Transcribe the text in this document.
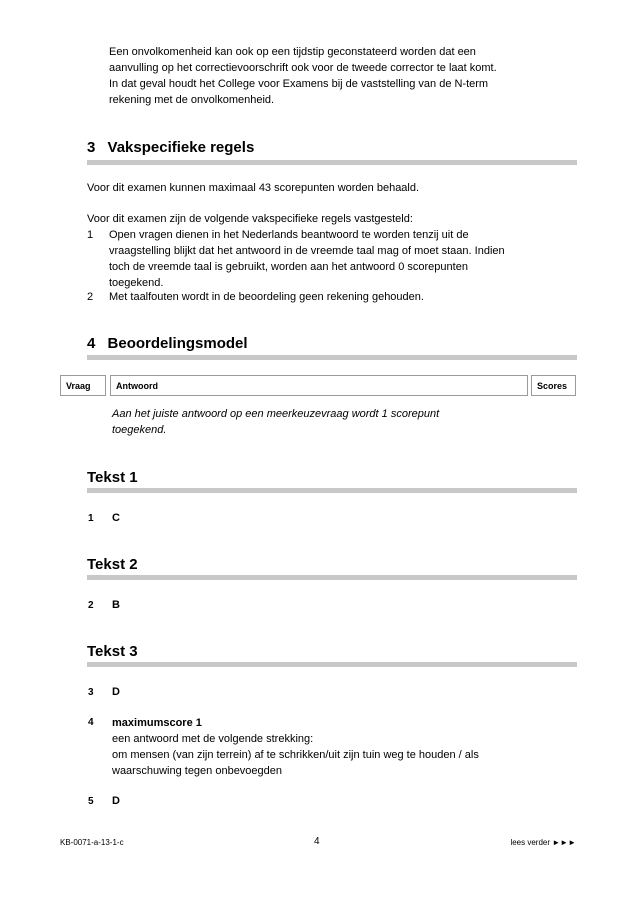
Een onvolkomenheid kan ook op een tijdstip geconstateerd worden dat een
aanvulling op het correctievoorschrift ook voor de tweede corrector te laat komt.
In dat geval houdt het College voor Examens bij de vaststelling van de N-term
rekening met de onvolkomenheid.
3 Vakspecifieke regels
Voor dit examen kunnen maximaal 43 scorepunten worden behaald.
Voor dit examen zijn de volgende vakspecifieke regels vastgesteld:
1 Open vragen dienen in het Nederlands beantwoord te worden tenzij uit de
vraagstelling blijkt dat het antwoord in de vreemde taal mag of moet staan. Indien
toch de vreemde taal is gebruikt, worden aan het antwoord 0 scorepunten
toegekend.
2 Met taalfouten wordt in de beoordeling geen rekening gehouden.
4 Beoordelingsmodel
Vraag	Antwoord	Scores
Aan het juiste antwoord op een meerkeuzevraag wordt 1 scorepunt
toegekend.
Tekst 1
1 C
Tekst 2
2 B
Tekst 3
3 D
4 maximumscore 1
een antwoord met de volgende strekking:
om mensen (van zijn terrein) af te schrikken/uit zijn tuin weg te houden / als
waarschuwing tegen onbevoegden
5 D
KB-0071-a-13-1-c	4	lees verder ►►►
